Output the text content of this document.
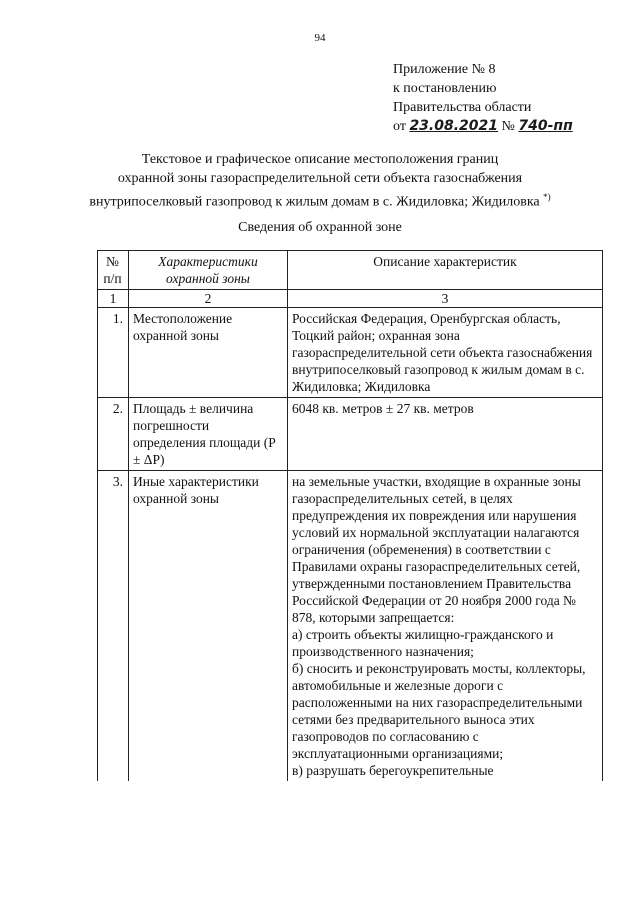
94
Приложение № 8
к постановлению
Правительства области
от 23.08.2021 № 740-пп
Текстовое и графическое описание местоположения границ
охранной зоны газораспределительной сети объекта газоснабжения
внутрипоселковый газопровод к жилым домам в с. Жидиловка; Жидиловка *)
Сведения об охранной зоне
№ п/п	Характеристики охранной зоны	Описание характеристик
1	2	3
1.	Местоположение охранной зоны	Российская Федерация, Оренбургская область, Тоцкий район; охранная зона газораспределительной сети объекта газоснабжения внутрипоселковый газопровод к жилым домам в с. Жидиловка; Жидиловка
2.	Площадь ± величина погрешности определения площади (P ± ΔP)	6048 кв. метров ± 27 кв. метров
3.	Иные характеристики охранной зоны	на земельные участки, входящие в охранные зоны газораспределительных сетей, в целях предупреждения их повреждения или нарушения условий их нормальной эксплуатации налагаются ограничения (обременения) в соответствии с Правилами охраны газораспределительных сетей, утвержденными постановлением Правительства Российской Федерации от 20 ноября 2000 года № 878, которыми запрещается:
а) строить объекты жилищно-гражданского и производственного назначения;
б) сносить и реконструировать мосты, коллекторы, автомобильные и железные дороги с расположенными на них газораспределительными сетями без предварительного выноса этих газопроводов по согласованию с эксплуатационными организациями;
в) разрушать берегоукрепительные
